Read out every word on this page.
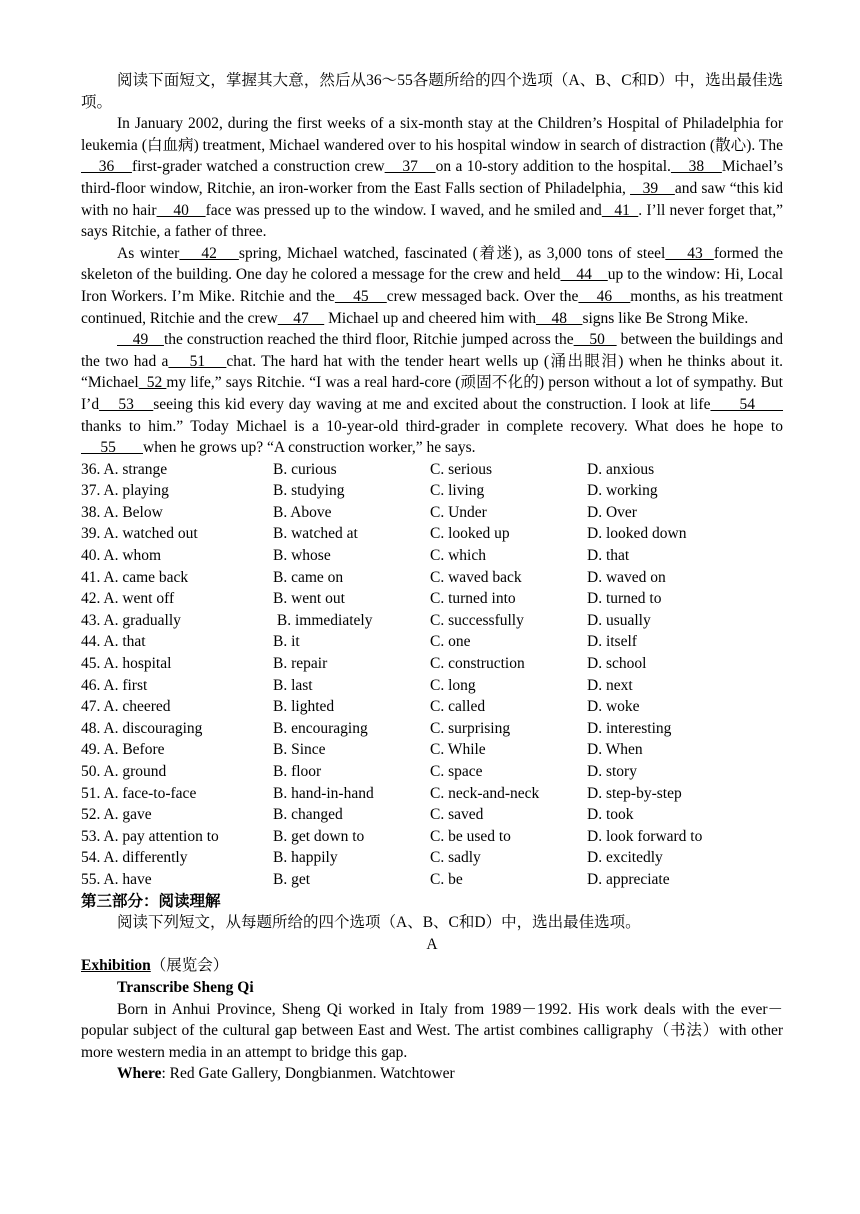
阅读下面短文，掌握其大意，然后从36～55各题所给的四个选项（A、B、C和D）中，选出最佳选项。

In January 2002, during the first weeks of a six-month stay at the Children’s Hospital of Philadelphia for leukemia (白血病) treatment, Michael wandered over to his hospital window in search of distraction (散心). The    36    first-grader watched a construction crew    37    on a 10-story addition to the hospital.    38    Michael’s third-floor window, Ritchie, an iron-worker from the East Falls section of Philadelphia,    39    and saw “this kid with no hair    40    face was pressed up to the window. I waved, and he smiled and   41  . I’ll never forget that,” says Ritchie, a father of three.

As winter    42    spring, Michael watched, fascinated (着迷), as 3,000 tons of steel    43  formed the skeleton of the building. One day he colored a message for the crew and held    44    up to the window: Hi, Local Iron Workers. I’m Mike. Ritchie and the    45    crew messaged back. Over the    46    months, as his treatment continued, Ritchie and the crew    47     Michael up and cheered him with    48    signs like Be Strong Mike.

49    the construction reached the third floor, Ritchie jumped across the    50    between the buildings and the two had a    51    chat. The hard hat with the tender heart wells up (涌出眼泪) when he thinks about it. “Michael  52 my life,” says Ritchie. “I was a real hard-core (顽固不化的) person without a lot of sympathy. But I’d    53    seeing this kid every day waving at me and excited about the construction. I look at life      54       thanks to him.” Today Michael is a 10-year-old third-grader in complete recovery. What does he hope to     55       when he grows up? “A construction worker,” he says.

36. A. strange	B. curious	C. serious	D. anxious
37. A. playing	B. studying	C. living	D. working
38. A. Below	B. Above	C. Under	D. Over
39. A. watched out	B. watched at	C. looked up	D. looked down
40. A. whom	B. whose	C. which	D. that
41. A. came back	B. came on	C. waved back	D. waved on
42. A. went off	B. went out	C. turned into	D. turned to
43. A. gradually	B. immediately	C. successfully	D. usually
44. A. that	B. it	C. one	D. itself
45. A. hospital	B. repair	C. construction	D. school
46. A. first	B. last	C. long	D. next
47. A. cheered	B. lighted	C. called	D. woke
48. A. discouraging	B. encouraging	C. surprising	D. interesting
49. A. Before	B. Since	C. While	D. When
50. A. ground	B. floor	C. space	D. story
51. A. face-to-face	B. hand-in-hand	C. neck-and-neck	D. step-by-step
52. A. gave	B. changed	C. saved	D. took
53. A. pay attention to	B. get down to	C. be used to	D. look forward to
54. A. differently	B. happily	C. sadly	D. excitedly
55. A. have	B. get	C. be	D. appreciate

第三部分：阅读理解

阅读下列短文，从每题所给的四个选项（A、B、C和D）中，选出最佳选项。

A

Exhibition（展览会）

Transcribe Sheng Qi

Born in Anhui Province, Sheng Qi worked in Italy from 1989－1992. His work deals with the ever－popular subject of the cultural gap between East and West. The artist combines calligraphy（书法）with other more western media in an attempt to bridge this gap.

Where: Red Gate Gallery, Dongbianmen. Watchtower
